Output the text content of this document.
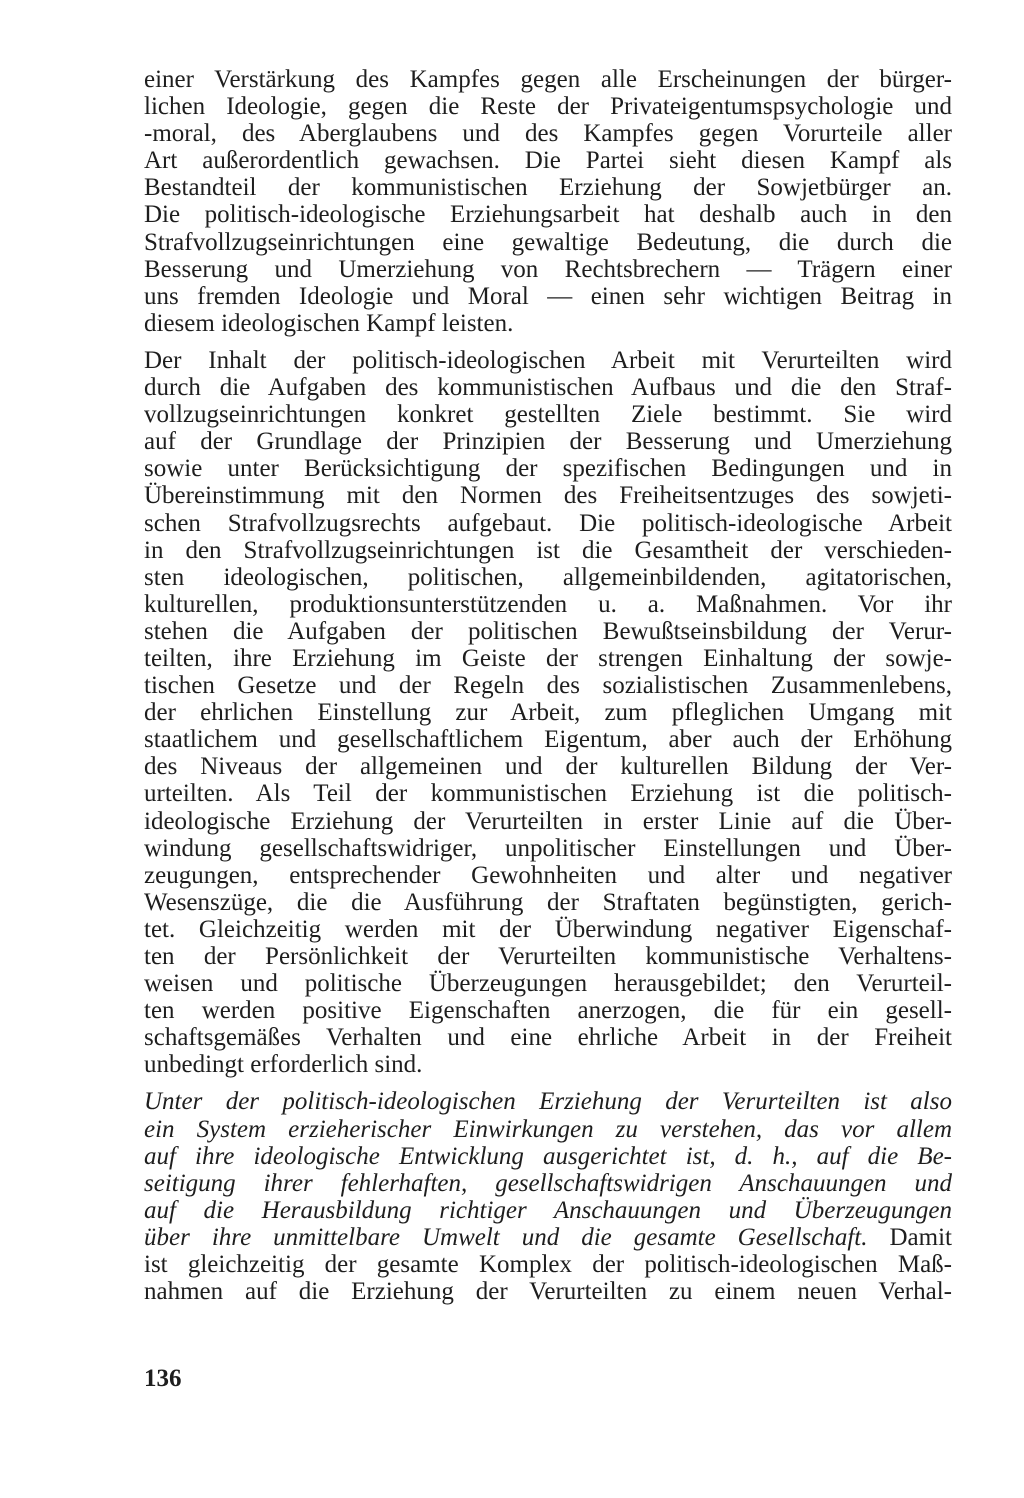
einer Verstärkung des Kampfes gegen alle Erscheinungen der bürger-
lichen Ideologie, gegen die Reste der Privateigentumspsychologie und
-moral, des Aberglaubens und des Kampfes gegen Vorurteile aller
Art außerordentlich gewachsen. Die Partei sieht diesen Kampf als
Bestandteil der kommunistischen Erziehung der Sowjetbürger an.
Die politisch-ideologische Erziehungsarbeit hat deshalb auch in den
Strafvollzugseinrichtungen eine gewaltige Bedeutung, die durch die
Besserung und Umerziehung von Rechtsbrechern — Trägern einer
uns fremden Ideologie und Moral — einen sehr wichtigen Beitrag in
diesem ideologischen Kampf leisten.
Der Inhalt der politisch-ideologischen Arbeit mit Verurteilten wird
durch die Aufgaben des kommunistischen Aufbaus und die den Straf-
vollzugseinrichtungen konkret gestellten Ziele bestimmt. Sie wird
auf der Grundlage der Prinzipien der Besserung und Umerziehung
sowie unter Berücksichtigung der spezifischen Bedingungen und in
Übereinstimmung mit den Normen des Freiheitsentzuges des sowjeti-
schen Strafvollzugsrechts aufgebaut. Die politisch-ideologische Arbeit
in den Strafvollzugseinrichtungen ist die Gesamtheit der verschieden-
sten ideologischen, politischen, allgemeinbildenden, agitatorischen,
kulturellen, produktionsunterstützenden u. a. Maßnahmen. Vor ihr
stehen die Aufgaben der politischen Bewußtseinsbildung der Verur-
teilten, ihre Erziehung im Geiste der strengen Einhaltung der sowje-
tischen Gesetze und der Regeln des sozialistischen Zusammenlebens,
der ehrlichen Einstellung zur Arbeit, zum pfleglichen Umgang mit
staatlichem und gesellschaftlichem Eigentum, aber auch der Erhöhung
des Niveaus der allgemeinen und der kulturellen Bildung der Ver-
urteilten. Als Teil der kommunistischen Erziehung ist die politisch-
ideologische Erziehung der Verurteilten in erster Linie auf die Über-
windung gesellschaftswidriger, unpolitischer Einstellungen und Über-
zeugungen, entsprechender Gewohnheiten und alter und negativer
Wesenszüge, die die Ausführung der Straftaten begünstigten, gerich-
tet. Gleichzeitig werden mit der Überwindung negativer Eigenschaf-
ten der Persönlichkeit der Verurteilten kommunistische Verhaltens-
weisen und politische Überzeugungen herausgebildet; den Verurteil-
ten werden positive Eigenschaften anerzogen, die für ein gesell-
schaftsgemäßes Verhalten und eine ehrliche Arbeit in der Freiheit
unbedingt erforderlich sind.
Unter der politisch-ideologischen Erziehung der Verurteilten ist also
ein System erzieherischer Einwirkungen zu verstehen, das vor allem
auf ihre ideologische Entwicklung ausgerichtet ist, d. h., auf die Be-
seitigung ihrer fehlerhaften, gesellschaftswidrigen Anschauungen und
auf die Herausbildung richtiger Anschauungen und Überzeugungen
über ihre unmittelbare Umwelt und die gesamte Gesellschaft. Damit
ist gleichzeitig der gesamte Komplex der politisch-ideologischen Maß-
nahmen auf die Erziehung der Verurteilten zu einem neuen Verhal-
136
